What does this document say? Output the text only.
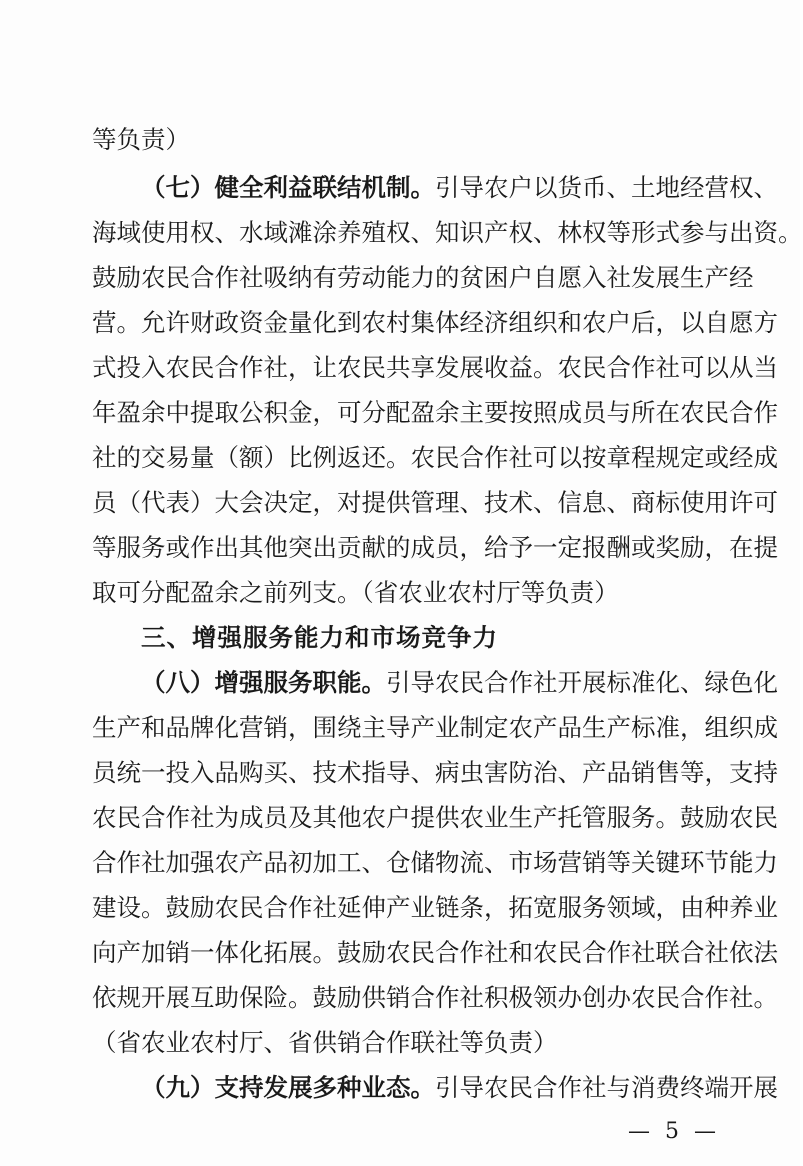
等负责）
（七）健全利益联结机制。引导农户以货币、土地经营权、
海域使用权、水域滩涂养殖权、知识产权、林权等形式参与出资。
鼓励农民合作社吸纳有劳动能力的贫困户自愿入社发展生产经
营。允许财政资金量化到农村集体经济组织和农户后，以自愿方
式投入农民合作社，让农民共享发展收益。农民合作社可以从当
年盈余中提取公积金，可分配盈余主要按照成员与所在农民合作
社的交易量（额）比例返还。农民合作社可以按章程规定或经成
员（代表）大会决定，对提供管理、技术、信息、商标使用许可
等服务或作出其他突出贡献的成员，给予一定报酬或奖励，在提
取可分配盈余之前列支。（省农业农村厅等负责）
三、增强服务能力和市场竞争力
（八）增强服务职能。引导农民合作社开展标准化、绿色化
生产和品牌化营销，围绕主导产业制定农产品生产标准，组织成
员统一投入品购买、技术指导、病虫害防治、产品销售等，支持
农民合作社为成员及其他农户提供农业生产托管服务。鼓励农民
合作社加强农产品初加工、仓储物流、市场营销等关键环节能力
建设。鼓励农民合作社延伸产业链条，拓宽服务领域，由种养业
向产加销一体化拓展。鼓励农民合作社和农民合作社联合社依法
依规开展互助保险。鼓励供销合作社积极领办创办农民合作社。
（省农业农村厅、省供销合作联社等负责）
（九）支持发展多种业态。引导农民合作社与消费终端开展
— 5 —
